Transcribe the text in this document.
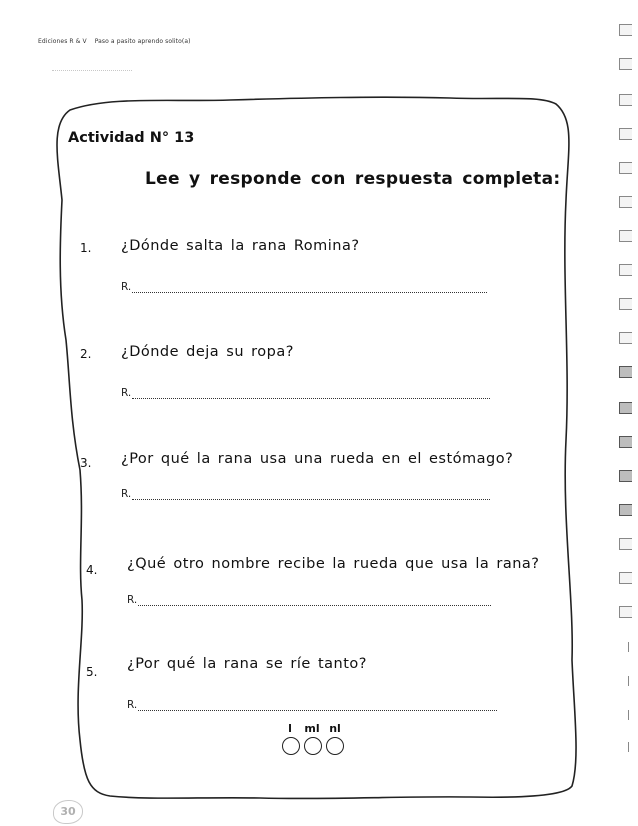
Ediciones R & V Paso a pasito aprendo solito(a)
Actividad N° 13
Lee y responde con respuesta completa:
1. ¿Dónde salta la rana Romina?
R.
2. ¿Dónde deja su ropa?
R.
3. ¿Por qué la rana usa una rueda en el estómago?
R.
4. ¿Qué otro nombre recibe la rueda que usa la rana?
R.
5. ¿Por qué la rana se ríe tanto?
R.
l	ml nl
30
